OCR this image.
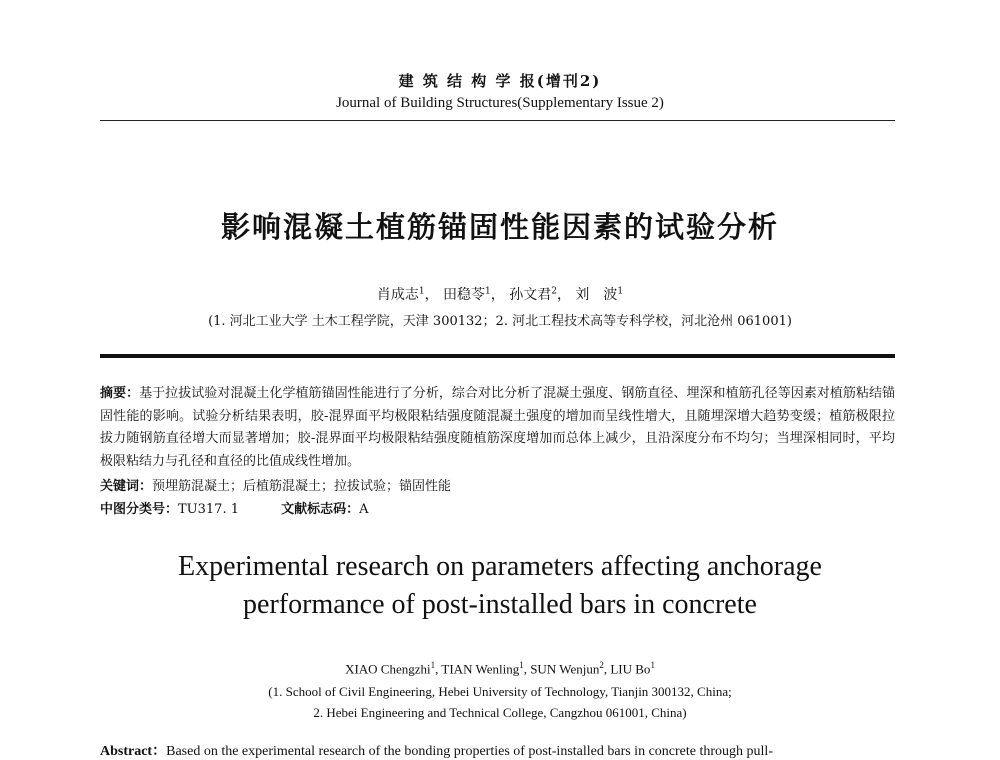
建 筑 结 构 学 报(增刊2)
Journal of Building Structures(Supplementary Issue 2)
影响混凝土植筋锚固性能因素的试验分析
肖成志$^1$， 田稳苓$^1$， 孙文君$^2$， 刘　波$^1$
(1. 河北工业大学 土木工程学院，天津 300132；2. 河北工程技术高等专科学校，河北沧州 061001)
摘要：基于拉拔试验对混凝土化学植筋锚固性能进行了分析，综合对比分析了混凝土强度、钢筋直径、埋深和植筋孔径等因素对植筋粘结锚固性能的影响。试验分析结果表明，胶-混界面平均极限粘结强度随混凝土强度的增加而呈线性增大，且随埋深增大趋势变缓；植筋极限拉拔力随钢筋直径增大而显著增加；胶-混界面平均极限粘结强度随植筋深度增加而总体上减少，且沿深度分布不均匀；当埋深相同时，平均极限粘结力与孔径和直径的比值成线性增加。
关键词：预埋筋混凝土；后植筋混凝土；拉拔试验；锚固性能
中图分类号：TU317. 1	文献标志码：A
Experimental research on parameters affecting anchorage
performance of post-installed bars in concrete
XIAO Chengzhi$^1$, TIAN Wenling$^1$, SUN Wenjun$^2$, LIU Bo$^1$
(1. School of Civil Engineering, Hebei University of Technology, Tianjin 300132, China;
2. Hebei Engineering and Technical College, Cangzhou 061001, China)
Abstract：Based on the experimental research of the bonding properties of post-installed bars in concrete through pull-
